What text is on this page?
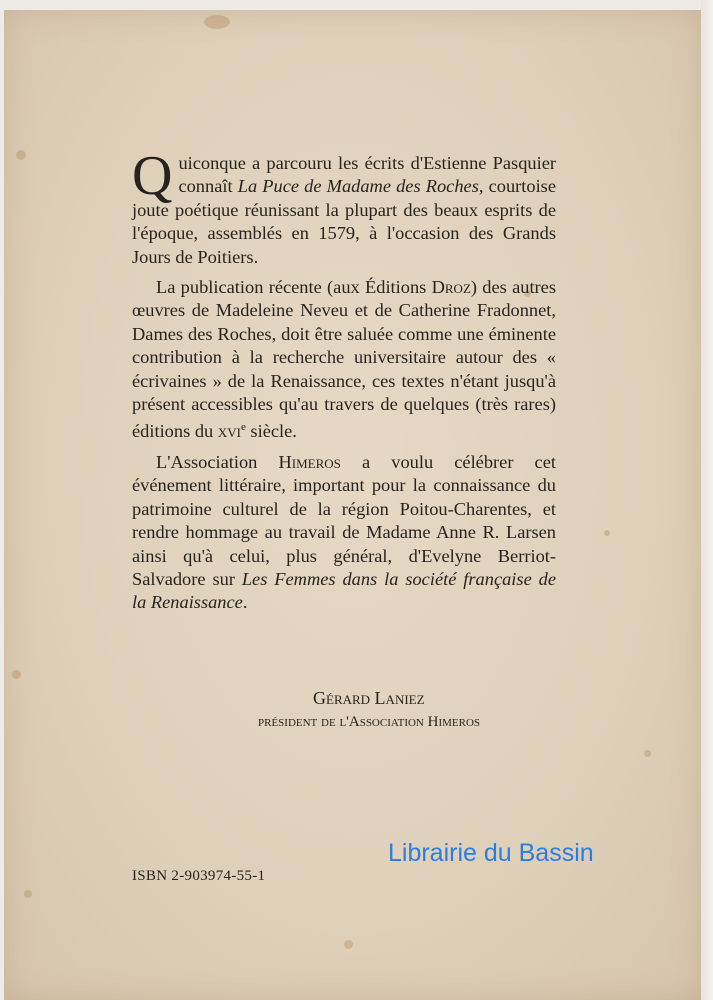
Quiconque a parcouru les écrits d'Estienne Pasquier connaît La Puce de Madame des Roches, courtoise joute poétique réunissant la plupart des beaux esprits de l'époque, assemblés en 1579, à l'occasion des Grands Jours de Poitiers.

La publication récente (aux Éditions Droz) des autres œuvres de Madeleine Neveu et de Catherine Fradonnet, Dames des Roches, doit être saluée comme une éminente contribution à la recherche universitaire autour des « écrivaines » de la Renaissance, ces textes n'étant jusqu'à présent accessibles qu'au travers de quelques (très rares) éditions du xvi$^e$ siècle.

L'Association Himeros a voulu célébrer cet événement littéraire, important pour la connaissance du patrimoine culturel de la région Poitou-Charentes, et rendre hommage au travail de Madame Anne R. Larsen ainsi qu'à celui, plus général, d'Evelyne Berriot-Salvadore sur Les Femmes dans la société française de la Renaissance.

Gérard Laniez
président de l'Association Himeros
ISBN 2-903974-55-1
Librairie du Bassin
